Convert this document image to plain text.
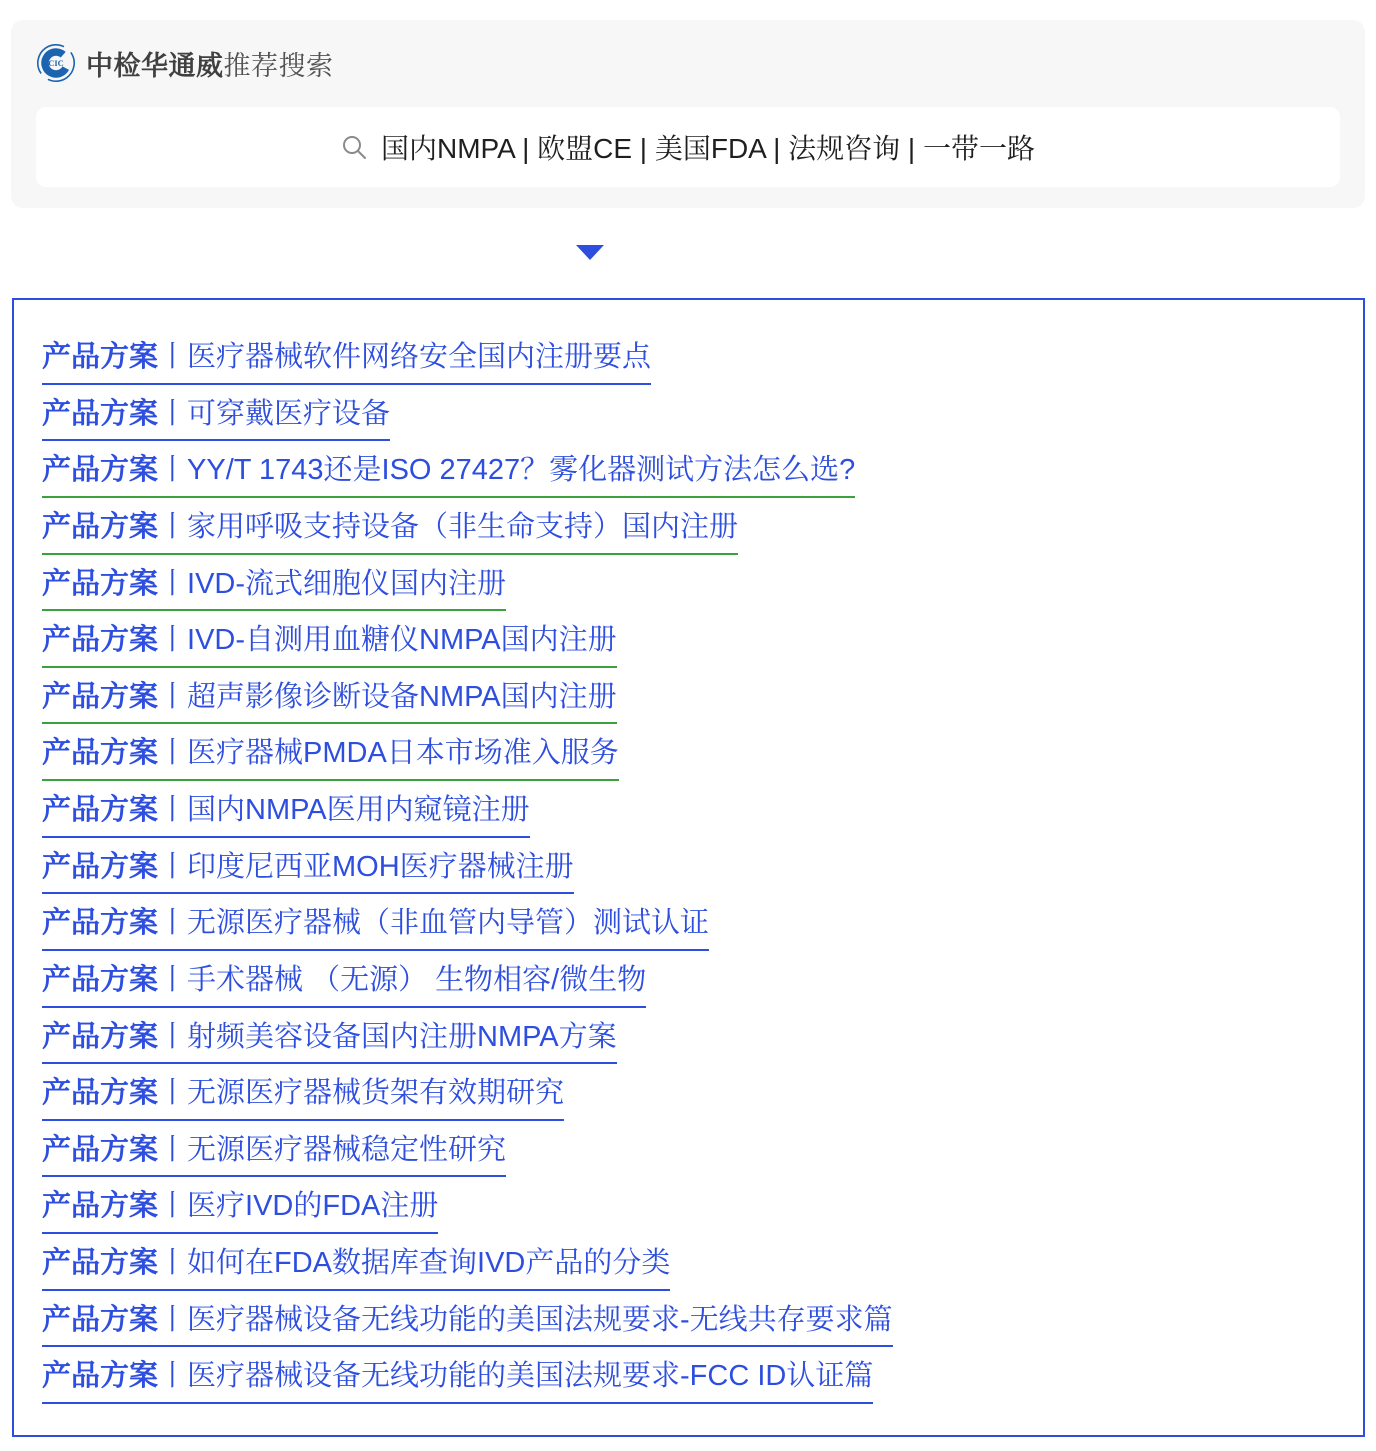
CIC 中检华通威推荐搜索
国内NMPA | 欧盟CE | 美国FDA | 法规咨询 | 一带一路
产品方案丨医疗器械软件网络安全国内注册要点
产品方案丨可穿戴医疗设备
产品方案丨YY/T 1743还是ISO 27427？雾化器测试方法怎么选?
产品方案丨家用呼吸支持设备（非生命支持）国内注册
产品方案丨IVD-流式细胞仪国内注册
产品方案丨IVD-自测用血糖仪NMPA国内注册
产品方案丨超声影像诊断设备NMPA国内注册
产品方案丨医疗器械PMDA日本市场准入服务
产品方案丨国内NMPA医用内窥镜注册
产品方案丨印度尼西亚MOH医疗器械注册
产品方案丨无源医疗器械（非血管内导管）测试认证
产品方案丨手术器械 （无源） 生物相容/微生物
产品方案丨射频美容设备国内注册NMPA方案
产品方案丨无源医疗器械货架有效期研究
产品方案丨无源医疗器械稳定性研究
产品方案丨医疗IVD的FDA注册
产品方案丨如何在FDA数据库查询IVD产品的分类
产品方案丨医疗器械设备无线功能的美国法规要求-无线共存要求篇
产品方案丨医疗器械设备无线功能的美国法规要求-FCC ID认证篇
